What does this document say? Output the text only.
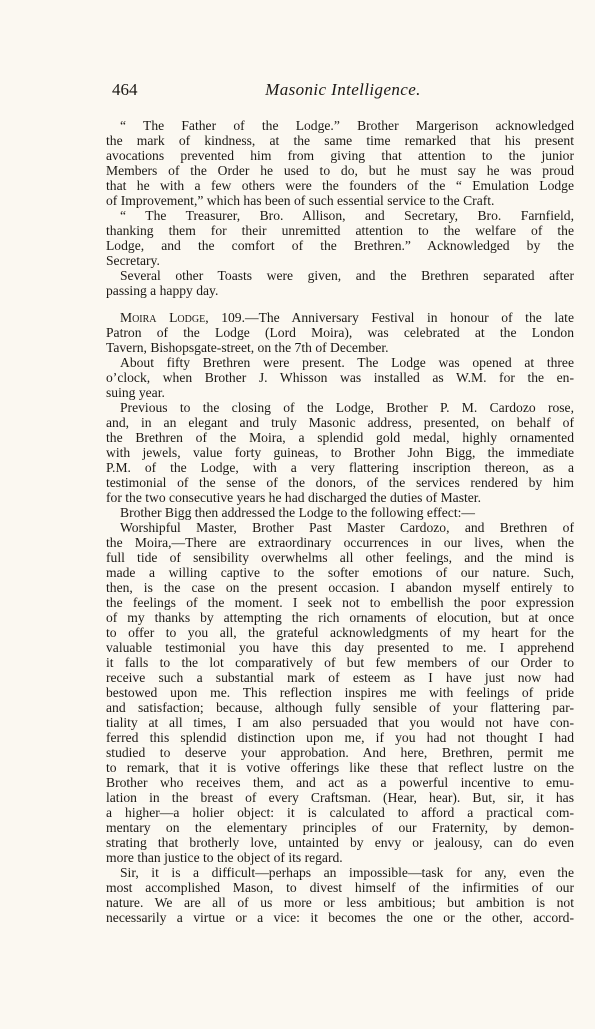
464	Masonic Intelligence.
“ The Father of the Lodge.” Brother Margerison acknowledged
the mark of kindness, at the same time remarked that his present
avocations prevented him from giving that attention to the junior
Members of the Order he used to do, but he must say he was proud
that he with a few others were the founders of the “ Emulation Lodge
of Improvement,” which has been of such essential service to the Craft.
“ The Treasurer, Bro. Allison, and Secretary, Bro. Farnfield,
thanking them for their unremitted attention to the welfare of the
Lodge, and the comfort of the Brethren.” Acknowledged by the
Secretary.
Several other Toasts were given, and the Brethren separated after
passing a happy day.
Moira Lodge, 109.—The Anniversary Festival in honour of the late
Patron of the Lodge (Lord Moira), was celebrated at the London
Tavern, Bishopsgate-street, on the 7th of December.
About fifty Brethren were present. The Lodge was opened at three
o’clock, when Brother J. Whisson was installed as W.M. for the en-
suing year.
Previous to the closing of the Lodge, Brother P. M. Cardozo rose,
and, in an elegant and truly Masonic address, presented, on behalf of
the Brethren of the Moira, a splendid gold medal, highly ornamented
with jewels, value forty guineas, to Brother John Bigg, the immediate
P.M. of the Lodge, with a very flattering inscription thereon, as a
testimonial of the sense of the donors, of the services rendered by him
for the two consecutive years he had discharged the duties of Master.
Brother Bigg then addressed the Lodge to the following effect:—
Worshipful Master, Brother Past Master Cardozo, and Brethren of
the Moira,—There are extraordinary occurrences in our lives, when the
full tide of sensibility overwhelms all other feelings, and the mind is
made a willing captive to the softer emotions of our nature. Such,
then, is the case on the present occasion. I abandon myself entirely to
the feelings of the moment. I seek not to embellish the poor expression
of my thanks by attempting the rich ornaments of elocution, but at once
to offer to you all, the grateful acknowledgments of my heart for the
valuable testimonial you have this day presented to me. I apprehend
it falls to the lot comparatively of but few members of our Order to
receive such a substantial mark of esteem as I have just now had
bestowed upon me. This reflection inspires me with feelings of pride
and satisfaction; because, although fully sensible of your flattering par-
tiality at all times, I am also persuaded that you would not have con-
ferred this splendid distinction upon me, if you had not thought I had
studied to deserve your approbation. And here, Brethren, permit me
to remark, that it is votive offerings like these that reflect lustre on the
Brother who receives them, and act as a powerful incentive to emu-
lation in the breast of every Craftsman. (Hear, hear). But, sir, it has
a higher—a holier object: it is calculated to afford a practical com-
mentary on the elementary principles of our Fraternity, by demon-
strating that brotherly love, untainted by envy or jealousy, can do even
more than justice to the object of its regard.
Sir, it is a difficult—perhaps an impossible—task for any, even the
most accomplished Mason, to divest himself of the infirmities of our
nature. We are all of us more or less ambitious; but ambition is not
necessarily a virtue or a vice: it becomes the one or the other, accord-
